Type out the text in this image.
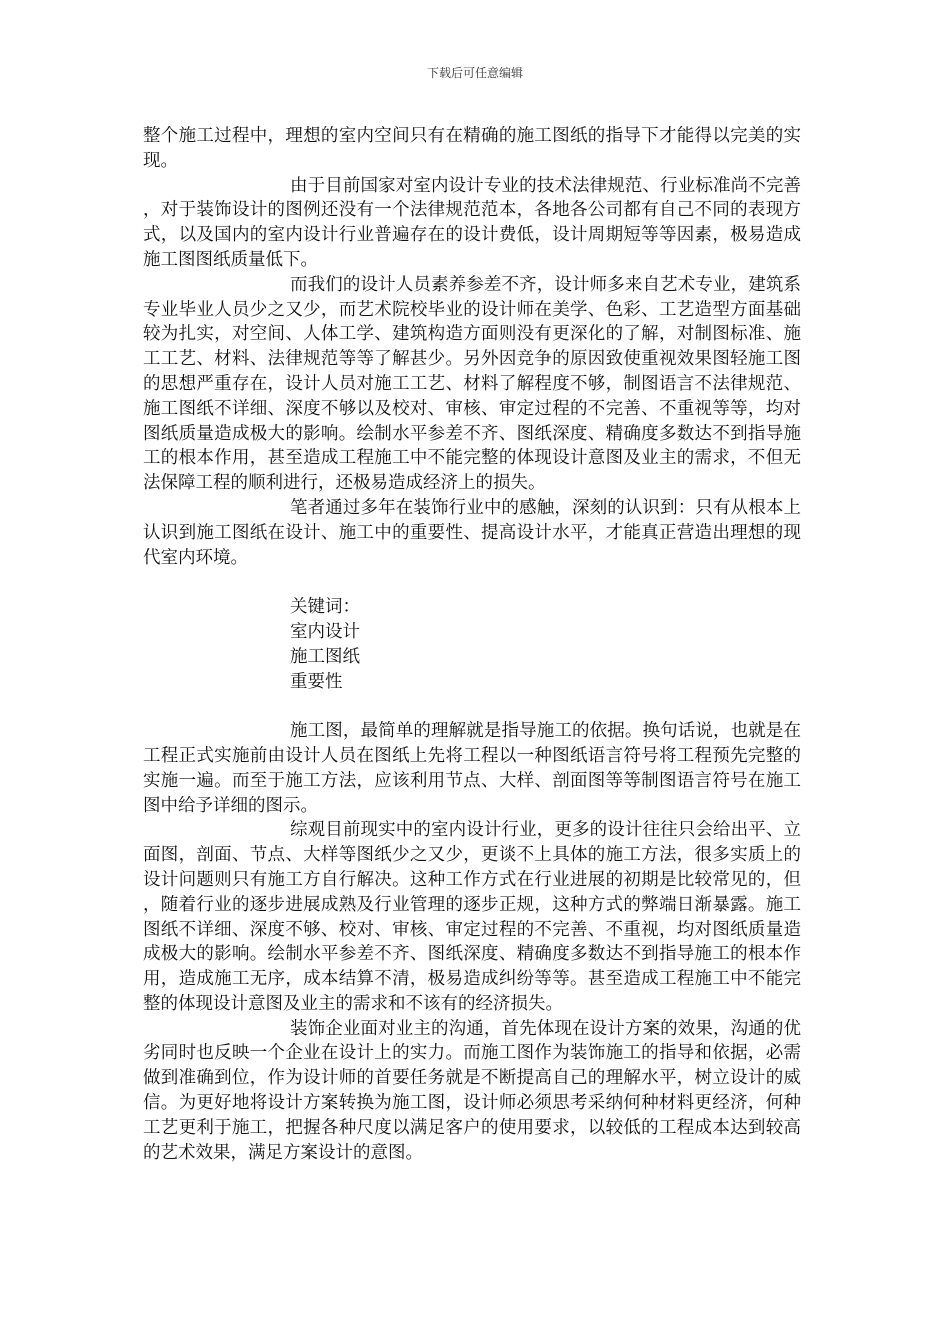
下载后可任意编辑

整个施工过程中，理想的室内空间只有在精确的施工图纸的指导下才能得以完美的实现。

由于目前国家对室内设计专业的技术法律规范、行业标准尚不完善，对于装饰设计的图例还没有一个法律规范范本，各地各公司都有自己不同的表现方式，以及国内的室内设计行业普遍存在的设计费低，设计周期短等等因素，极易造成施工图图纸质量低下。

而我们的设计人员素养参差不齐，设计师多来自艺术专业，建筑系专业毕业人员少之又少，而艺术院校毕业的设计师在美学、色彩、工艺造型方面基础较为扎实，对空间、人体工学、建筑构造方面则没有更深化的了解，对制图标准、施工工艺、材料、法律规范等等了解甚少。另外因竞争的原因致使重视效果图轻施工图的思想严重存在，设计人员对施工工艺、材料了解程度不够，制图语言不法律规范、施工图纸不详细、深度不够以及校对、审核、审定过程的不完善、不重视等等，均对图纸质量造成极大的影响。绘制水平参差不齐、图纸深度、精确度多数达不到指导施工的根本作用，甚至造成工程施工中不能完整的体现设计意图及业主的需求，不但无法保障工程的顺利进行，还极易造成经济上的损失。

笔者通过多年在装饰行业中的感触，深刻的认识到：只有从根本上认识到施工图纸在设计、施工中的重要性、提高设计水平，才能真正营造出理想的现代室内环境。

关键词：
室内设计
施工图纸
重要性

施工图，最简单的理解就是指导施工的依据。换句话说，也就是在工程正式实施前由设计人员在图纸上先将工程以一种图纸语言符号将工程预先完整的实施一遍。而至于施工方法，应该利用节点、大样、剖面图等等制图语言符号在施工图中给予详细的图示。

综观目前现实中的室内设计行业，更多的设计往往只会给出平、立面图，剖面、节点、大样等图纸少之又少，更谈不上具体的施工方法，很多实质上的设计问题则只有施工方自行解决。这种工作方式在行业进展的初期是比较常见的，但，随着行业的逐步进展成熟及行业管理的逐步正规，这种方式的弊端日渐暴露。施工图纸不详细、深度不够、校对、审核、审定过程的不完善、不重视，均对图纸质量造成极大的影响。绘制水平参差不齐、图纸深度、精确度多数达不到指导施工的根本作用，造成施工无序，成本结算不清，极易造成纠纷等等。甚至造成工程施工中不能完整的体现设计意图及业主的需求和不该有的经济损失。

装饰企业面对业主的沟通，首先体现在设计方案的效果，沟通的优劣同时也反映一个企业在设计上的实力。而施工图作为装饰施工的指导和依据，必需做到准确到位，作为设计师的首要任务就是不断提高自己的理解水平，树立设计的威信。为更好地将设计方案转换为施工图，设计师必须思考采纳何种材料更经济，何种工艺更利于施工，把握各种尺度以满足客户的使用要求，以较低的工程成本达到较高的艺术效果，满足方案设计的意图。
